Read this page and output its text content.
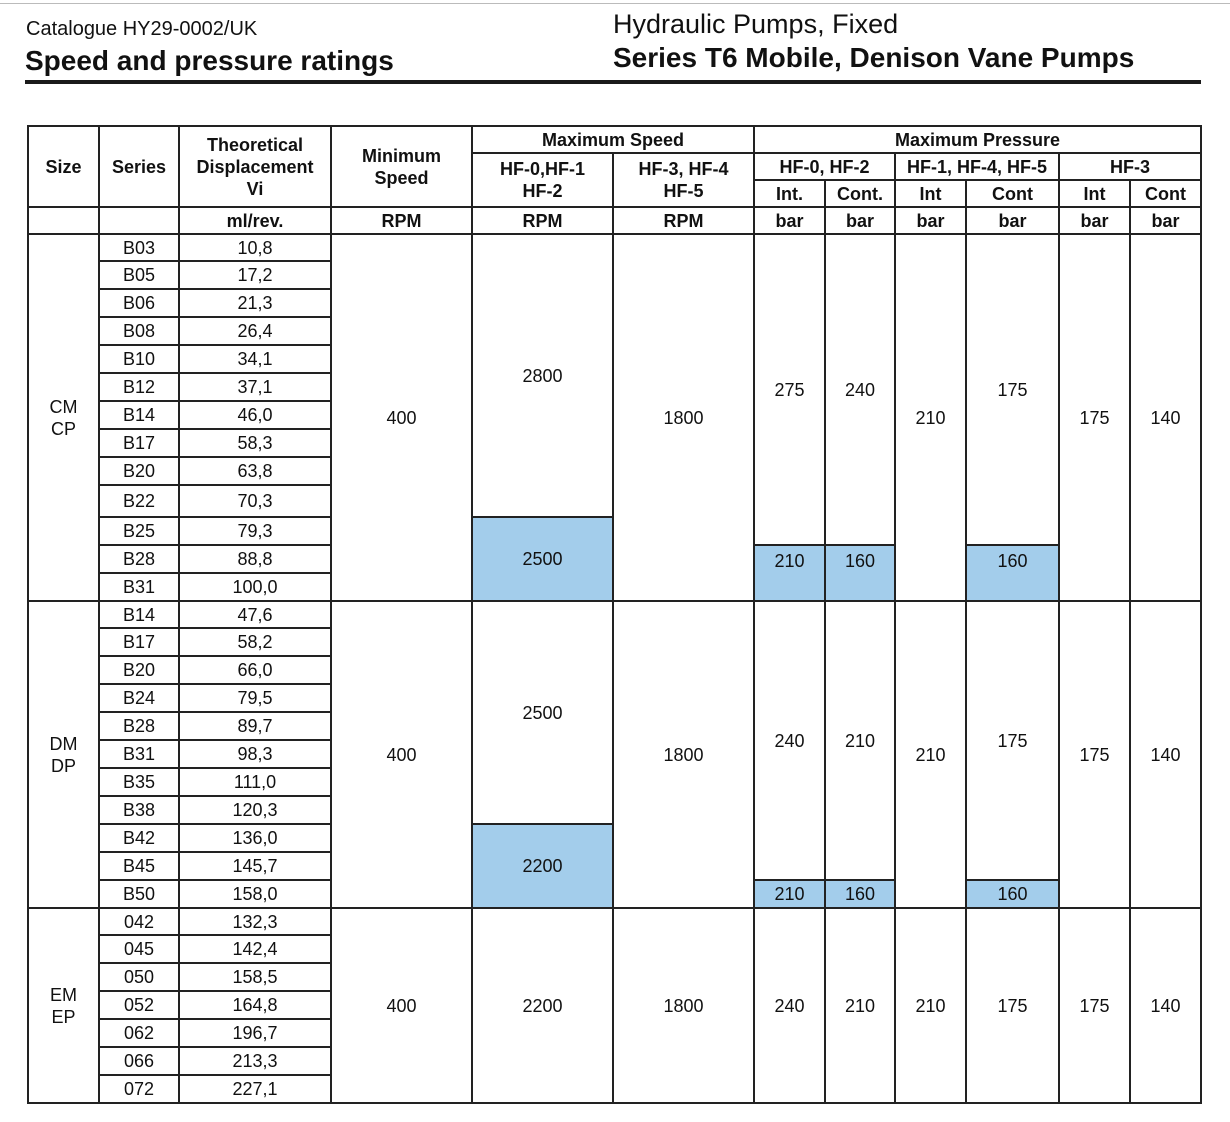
Catalogue HY29-0002/UK
Speed and pressure ratings
Hydraulic Pumps, Fixed
Series T6 Mobile, Denison Vane Pumps
Size	Series	Theoretical Displacement Vi	Minimum Speed	Maximum Speed		Maximum Pressure					
				HF-0,HF-1 HF-2	HF-3, HF-4 HF-5	HF-0, HF-2		HF-1, HF-4, HF-5		HF-3	
						Int.	Cont.	Int	Cont	Int	Cont
		ml/rev.	RPM	RPM	RPM	bar	bar	bar	bar	bar	bar
CM
CP	B03	10,8	400	2800	1800	275	240	210	175	175	140
	B05	17,2									
	B06	21,3									
	B08	26,4									
	B10	34,1									
	B12	37,1									
	B14	46,0									
	B17	58,3									
	B20	63,8									
	B22	70,3									
	B25	79,3		2500							
	B28	88,8				210	160		160		
	B31	100,0									
DM
DP	B14	47,6	400	2500	1800	240	210	210	175	175	140
	B17	58,2									
	B20	66,0									
	B24	79,5									
	B28	89,7									
	B31	98,3									
	B35	111,0									
	B38	120,3									
	B42	136,0		2200							
	B45	145,7									
	B50	158,0				210	160		160		
EM
EP	042	132,3	400	2200	1800	240	210	210	175	175	140
	045	142,4									
	050	158,5									
	052	164,8									
	062	196,7									
	066	213,3									
	072	227,1									
